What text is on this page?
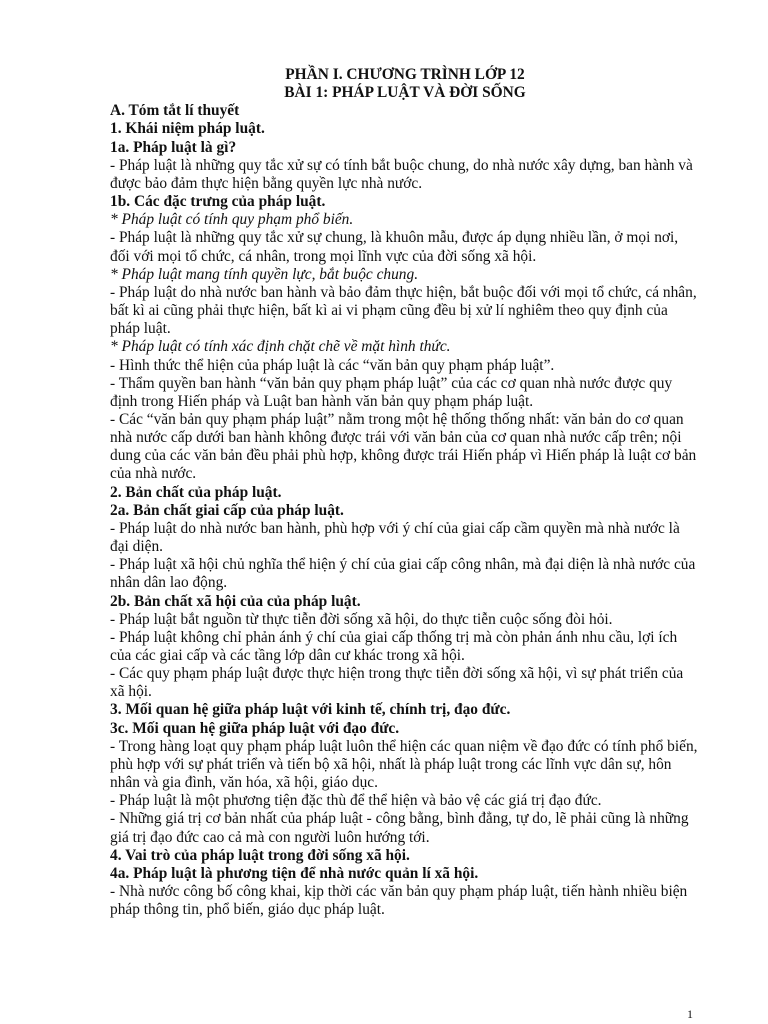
PHẦN I. CHƯƠNG TRÌNH LỚP 12
BÀI 1: PHÁP LUẬT VÀ ĐỜI SỐNG
A. Tóm tắt lí thuyết
1. Khái niệm pháp luật.
1a. Pháp luật là gì?
- Pháp luật là những quy tắc xử sự có tính bắt buộc chung, do nhà nước xây dựng, ban hành và được bảo đảm thực hiện bằng quyền lực nhà nước.
1b. Các đặc trưng của pháp luật.
* Pháp luật có tính quy phạm phổ biến.
- Pháp luật là những quy tắc xử sự chung, là khuôn mẫu, được áp dụng nhiều lần, ở mọi nơi, đối với mọi tổ chức, cá nhân, trong mọi lĩnh vực của đời sống xã hội.
* Pháp luật mang tính quyền lực, bắt buộc chung.
- Pháp luật do nhà nước ban hành và bảo đảm thực hiện, bắt buộc đối với mọi tổ chức, cá nhân, bất kì ai cũng phải thực hiện, bất kì ai vi phạm cũng đều bị xử lí nghiêm theo quy định của pháp luật.
* Pháp luật có tính xác định chặt chẽ về mặt hình thức.
- Hình thức thể hiện của pháp luật là các “văn bản quy phạm pháp luật”.
- Thẩm quyền ban hành “văn bản quy phạm pháp luật” của các cơ quan nhà nước được quy định trong Hiến pháp và Luật ban hành văn bản quy phạm pháp luật.
- Các “văn bản quy phạm pháp luật” nằm trong một hệ thống thống nhất: văn bản do cơ quan nhà nước cấp dưới ban hành không được trái với văn bản của cơ quan nhà nước cấp trên; nội dung của các văn bản đều phải phù hợp, không được trái Hiến pháp vì Hiến pháp là luật cơ bản của nhà nước.
2. Bản chất của pháp luật.
2a. Bản chất giai cấp của pháp luật.
- Pháp luật do nhà nước ban hành, phù hợp với ý chí của giai cấp cầm quyền mà nhà nước là đại diện.
- Pháp luật xã hội chủ nghĩa thể hiện ý chí của giai cấp công nhân, mà đại diện là nhà nước của nhân dân lao động.
2b. Bản chất xã hội của của pháp luật.
- Pháp luật bắt nguồn từ thực tiễn đời sống xã hội, do thực tiễn cuộc sống đòi hỏi.
- Pháp luật không chỉ phản ánh ý chí của giai cấp thống trị mà còn phản ánh nhu cầu, lợi ích của các giai cấp và các tầng lớp dân cư khác trong xã hội.
- Các quy phạm pháp luật được thực hiện trong thực tiễn đời sống xã hội, vì sự phát triển của xã hội.
3. Mối quan hệ giữa pháp luật với kinh tế, chính trị, đạo đức.
3c. Mối quan hệ giữa pháp luật với đạo đức.
- Trong hàng loạt quy phạm pháp luật luôn thể hiện các quan niệm về đạo đức có tính phổ biến, phù hợp với sự phát triển và tiến bộ xã hội, nhất là pháp luật trong các lĩnh vực dân sự, hôn nhân và gia đình, văn hóa, xã hội, giáo dục.
- Pháp luật là một phương tiện đặc thù để thể hiện và bảo vệ các giá trị đạo đức.
- Những giá trị cơ bản nhất của pháp luật - công bằng, bình đẳng, tự do, lẽ phải cũng là những giá trị đạo đức cao cả mà con người luôn hướng tới.
4. Vai trò của pháp luật trong đời sống xã hội.
4a. Pháp luật là phương tiện để nhà nước quản lí xã hội.
- Nhà nước công bố công khai, kịp thời các văn bản quy phạm pháp luật, tiến hành nhiều biện pháp thông tin, phổ biến, giáo dục pháp luật.
1
